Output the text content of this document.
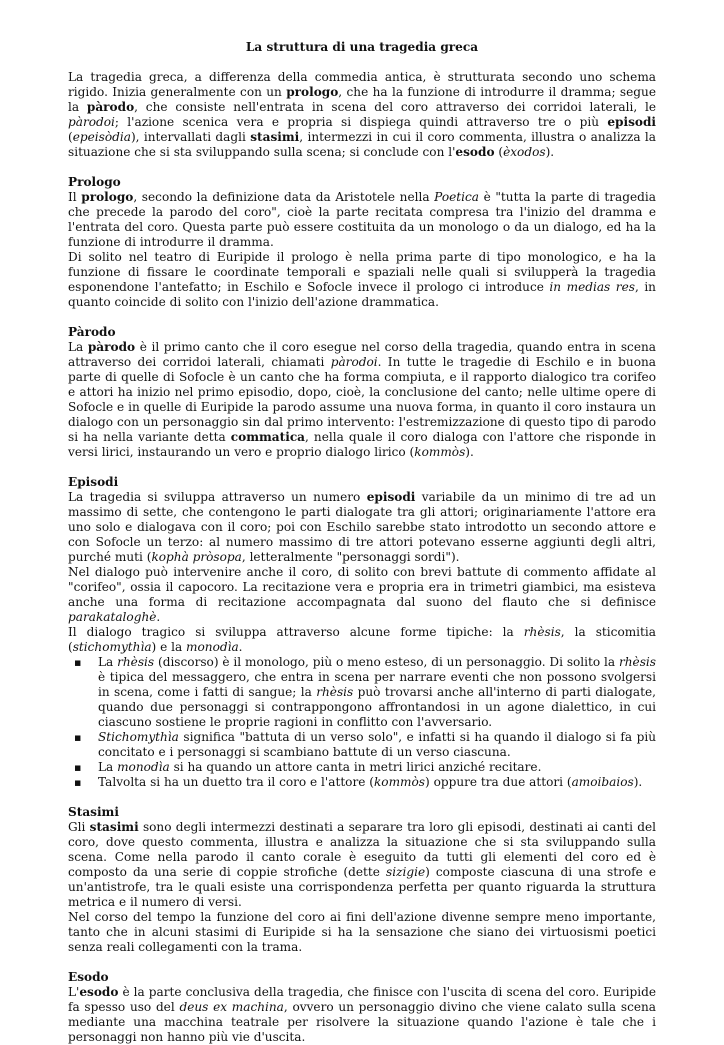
La struttura di una tragedia greca

La tragedia greca, a differenza della commedia antica, è strutturata secondo uno schema rigido. Inizia generalmente con un prologo, che ha la funzione di introdurre il dramma; segue la pàrodo, che consiste nell'entrata in scena del coro attraverso dei corridoi laterali, le pàrodoi; l'azione scenica vera e propria si dispiega quindi attraverso tre o più episodi (epeisòdia), intervallati dagli stasimi, intermezzi in cui il coro commenta, illustra o analizza la situazione che si sta sviluppando sulla scena; si conclude con l'esodo (èxodos).

Prologo

Il prologo, secondo la definizione data da Aristotele nella Poetica è "tutta la parte di tragedia che precede la parodo del coro", cioè la parte recitata compresa tra l'inizio del dramma e l'entrata del coro. Questa parte può essere costituita da un monologo o da un dialogo, ed ha la funzione di introdurre il dramma.

Di solito nel teatro di Euripide il prologo è nella prima parte di tipo monologico, e ha la funzione di fissare le coordinate temporali e spaziali nelle quali si svilupperà la tragedia esponendone l'antefatto; in Eschilo e Sofocle invece il prologo ci introduce in medias res, in quanto coincide di solito con l'inizio dell'azione drammatica.

Pàrodo

La pàrodo è il primo canto che il coro esegue nel corso della tragedia, quando entra in scena attraverso dei corridoi laterali, chiamati pàrodoi. In tutte le tragedie di Eschilo e in buona parte di quelle di Sofocle è un canto che ha forma compiuta, e il rapporto dialogico tra corifeo e attori ha inizio nel primo episodio, dopo, cioè, la conclusione del canto; nelle ultime opere di Sofocle e in quelle di Euripide la parodo assume una nuova forma, in quanto il coro instaura un dialogo con un personaggio sin dal primo intervento: l'estremizzazione di questo tipo di parodo si ha nella variante detta commatica, nella quale il coro dialoga con l'attore che risponde in versi lirici, instaurando un vero e proprio dialogo lirico (kommòs).

Episodi

La tragedia si sviluppa attraverso un numero episodi variabile da un minimo di tre ad un massimo di sette, che contengono le parti dialogate tra gli attori; originariamente l'attore era uno solo e dialogava con il coro; poi con Eschilo sarebbe stato introdotto un secondo attore e con Sofocle un terzo: al numero massimo di tre attori potevano esserne aggiunti degli altri, purché muti (kophà pròsopa, letteralmente "personaggi sordi").

Nel dialogo può intervenire anche il coro, di solito con brevi battute di commento affidate al "corifeo", ossia il capocoro. La recitazione vera e propria era in trimetri giambici, ma esisteva anche una forma di recitazione accompagnata dal suono del flauto che si definisce parakataloghè.

Il dialogo tragico si sviluppa attraverso alcune forme tipiche: la rhèsis, la sticomitia (stichomythìa) e la monodìa.

▪ La rhèsis (discorso) è il monologo, più o meno esteso, di un personaggio. Di solito la rhèsis è tipica del messaggero, che entra in scena per narrare eventi che non possono svolgersi in scena, come i fatti di sangue; la rhèsis può trovarsi anche all'interno di parti dialogate, quando due personaggi si contrappongono affrontandosi in un agone dialettico, in cui ciascuno sostiene le proprie ragioni in conflitto con l'avversario.
▪ Stichomythìa significa "battuta di un verso solo", e infatti si ha quando il dialogo si fa più concitato e i personaggi si scambiano battute di un verso ciascuna.
▪ La monodìa si ha quando un attore canta in metri lirici anziché recitare.
▪ Talvolta si ha un duetto tra il coro e l'attore (kommòs) oppure tra due attori (amoibaios).
Stasimi

Gli stasimi sono degli intermezzi destinati a separare tra loro gli episodi, destinati ai canti del coro, dove questo commenta, illustra e analizza la situazione che si sta sviluppando sulla scena. Come nella parodo il canto corale è eseguito da tutti gli elementi del coro ed è composto da una serie di coppie strofiche (dette sizigie) composte ciascuna di una strofe e un'antistrofe, tra le quali esiste una corrispondenza perfetta per quanto riguarda la struttura metrica e il numero di versi.

Nel corso del tempo la funzione del coro ai fini dell'azione divenne sempre meno importante, tanto che in alcuni stasimi di Euripide si ha la sensazione che siano dei virtuosismi poetici senza reali collegamenti con la trama.

Esodo

L'esodo è la parte conclusiva della tragedia, che finisce con l'uscita di scena del coro. Euripide fa spesso uso del deus ex machina, ovvero un personaggio divino che viene calato sulla scena mediante una macchina teatrale per risolvere la situazione quando l'azione è tale che i personaggi non hanno più vie d'uscita.
